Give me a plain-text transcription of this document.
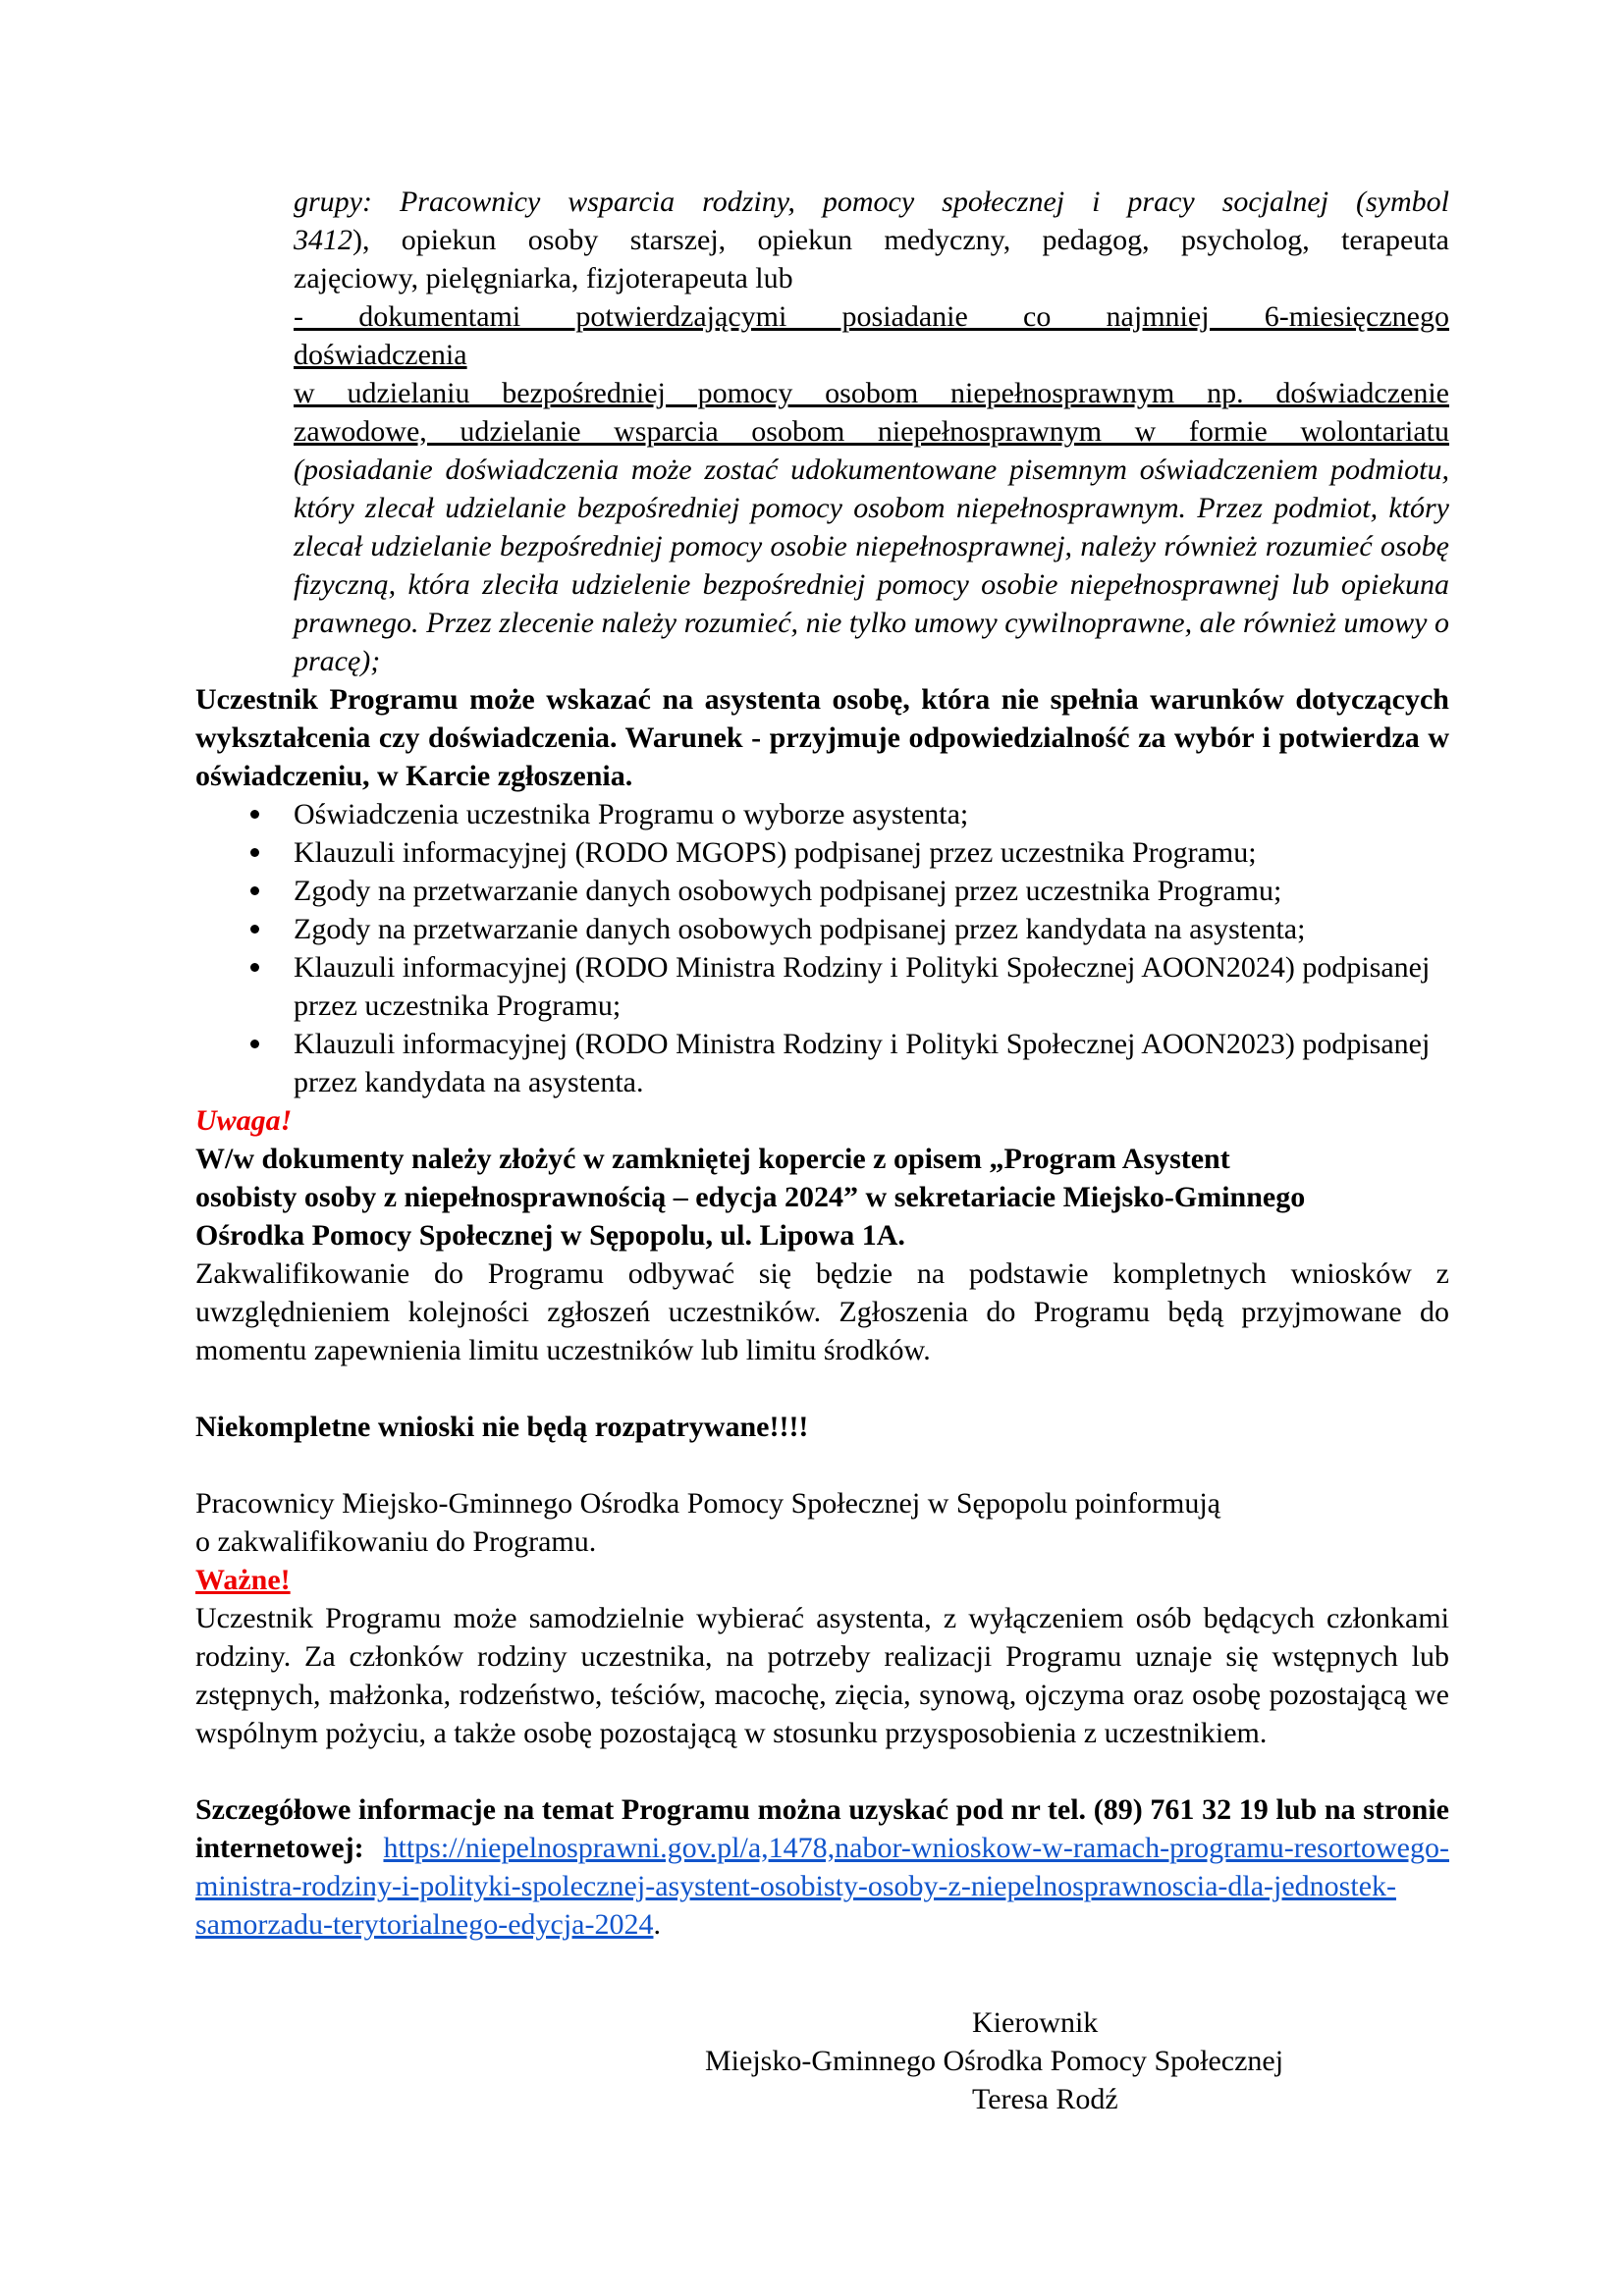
grupy: Pracownicy wsparcia rodziny, pomocy społecznej i pracy socjalnej (symbol

3412), opiekun osoby starszej, opiekun medyczny, pedagog, psycholog, terapeuta

zajęciowy, pielęgniarka, fizjoterapeuta lub

- dokumentami potwierdzającymi posiadanie co najmniej 6-miesięcznego

doświadczenia

w udzielaniu bezpośredniej pomocy osobom niepełnosprawnym np. doświadczenie

zawodowe, udzielanie wsparcia osobom niepełnosprawnym w formie wolontariatu

(posiadanie doświadczenia może zostać udokumentowane pisemnym oświadczeniem podmiotu, który zlecał udzielanie bezpośredniej pomocy osobom niepełnosprawnym. Przez podmiot, który zlecał udzielanie bezpośredniej pomocy osobie niepełnosprawnej, należy również rozumieć osobę fizyczną, która zleciła udzielenie bezpośredniej pomocy osobie niepełnosprawnej lub opiekuna prawnego. Przez zlecenie należy rozumieć, nie tylko umowy cywilnoprawne, ale również umowy o pracę);

Uczestnik Programu może wskazać na asystenta osobę, która nie spełnia warunków dotyczących wykształcenia czy doświadczenia. Warunek - przyjmuje odpowiedzialność za wybór i potwierdza w oświadczeniu, w Karcie zgłoszenia.

Oświadczenia uczestnika Programu o wyborze asystenta;
Klauzuli informacyjnej (RODO MGOPS) podpisanej przez uczestnika Programu;
Zgody na przetwarzanie danych osobowych podpisanej przez uczestnika Programu;
Zgody na przetwarzanie danych osobowych podpisanej przez kandydata na asystenta;
Klauzuli informacyjnej (RODO Ministra Rodziny i Polityki Społecznej AOON2024) podpisanej przez uczestnika Programu;
Klauzuli informacyjnej (RODO Ministra Rodziny i Polityki Społecznej AOON2023) podpisanej przez kandydata na asystenta.

Uwaga!

W/w dokumenty należy złożyć w zamkniętej kopercie z opisem „Program Asystent

osobisty osoby z niepełnosprawnością – edycja 2024” w sekretariacie Miejsko-Gminnego

Ośrodka Pomocy Społecznej w Sępopolu, ul. Lipowa 1A.

Zakwalifikowanie do Programu odbywać się będzie na podstawie kompletnych wniosków z uwzględnieniem kolejności zgłoszeń uczestników. Zgłoszenia do Programu będą przyjmowane do momentu zapewnienia limitu uczestników lub limitu środków.

Niekompletne wnioski nie będą rozpatrywane!!!!

Pracownicy Miejsko-Gminnego Ośrodka Pomocy Społecznej w Sępopolu poinformują

o zakwalifikowaniu do Programu.

Ważne!

Uczestnik Programu może samodzielnie wybierać asystenta, z wyłączeniem osób będących członkami rodziny. Za członków rodziny uczestnika, na potrzeby realizacji Programu uznaje się wstępnych lub zstępnych, małżonka, rodzeństwo, teściów, macochę, zięcia, synową, ojczyma oraz osobę pozostającą we wspólnym pożyciu, a także osobę pozostającą w stosunku przysposobienia z uczestnikiem.

Szczegółowe informacje na temat Programu można uzyskać pod nr tel. (89) 761 32 19 lub na stronie internetowej: https://niepelnosprawni.gov.pl/a,1478,nabor-wnioskow-w-ramach-programu-resortowego-ministra-rodziny-i-polityki-spolecznej-asystent-osobisty-osoby-z-niepelnosprawnoscia-dla-jednostek-samorzadu-terytorialnego-edycja-2024.

Kierownik
Miejsko-Gminnego Ośrodka Pomocy Społecznej
Teresa Rodź
